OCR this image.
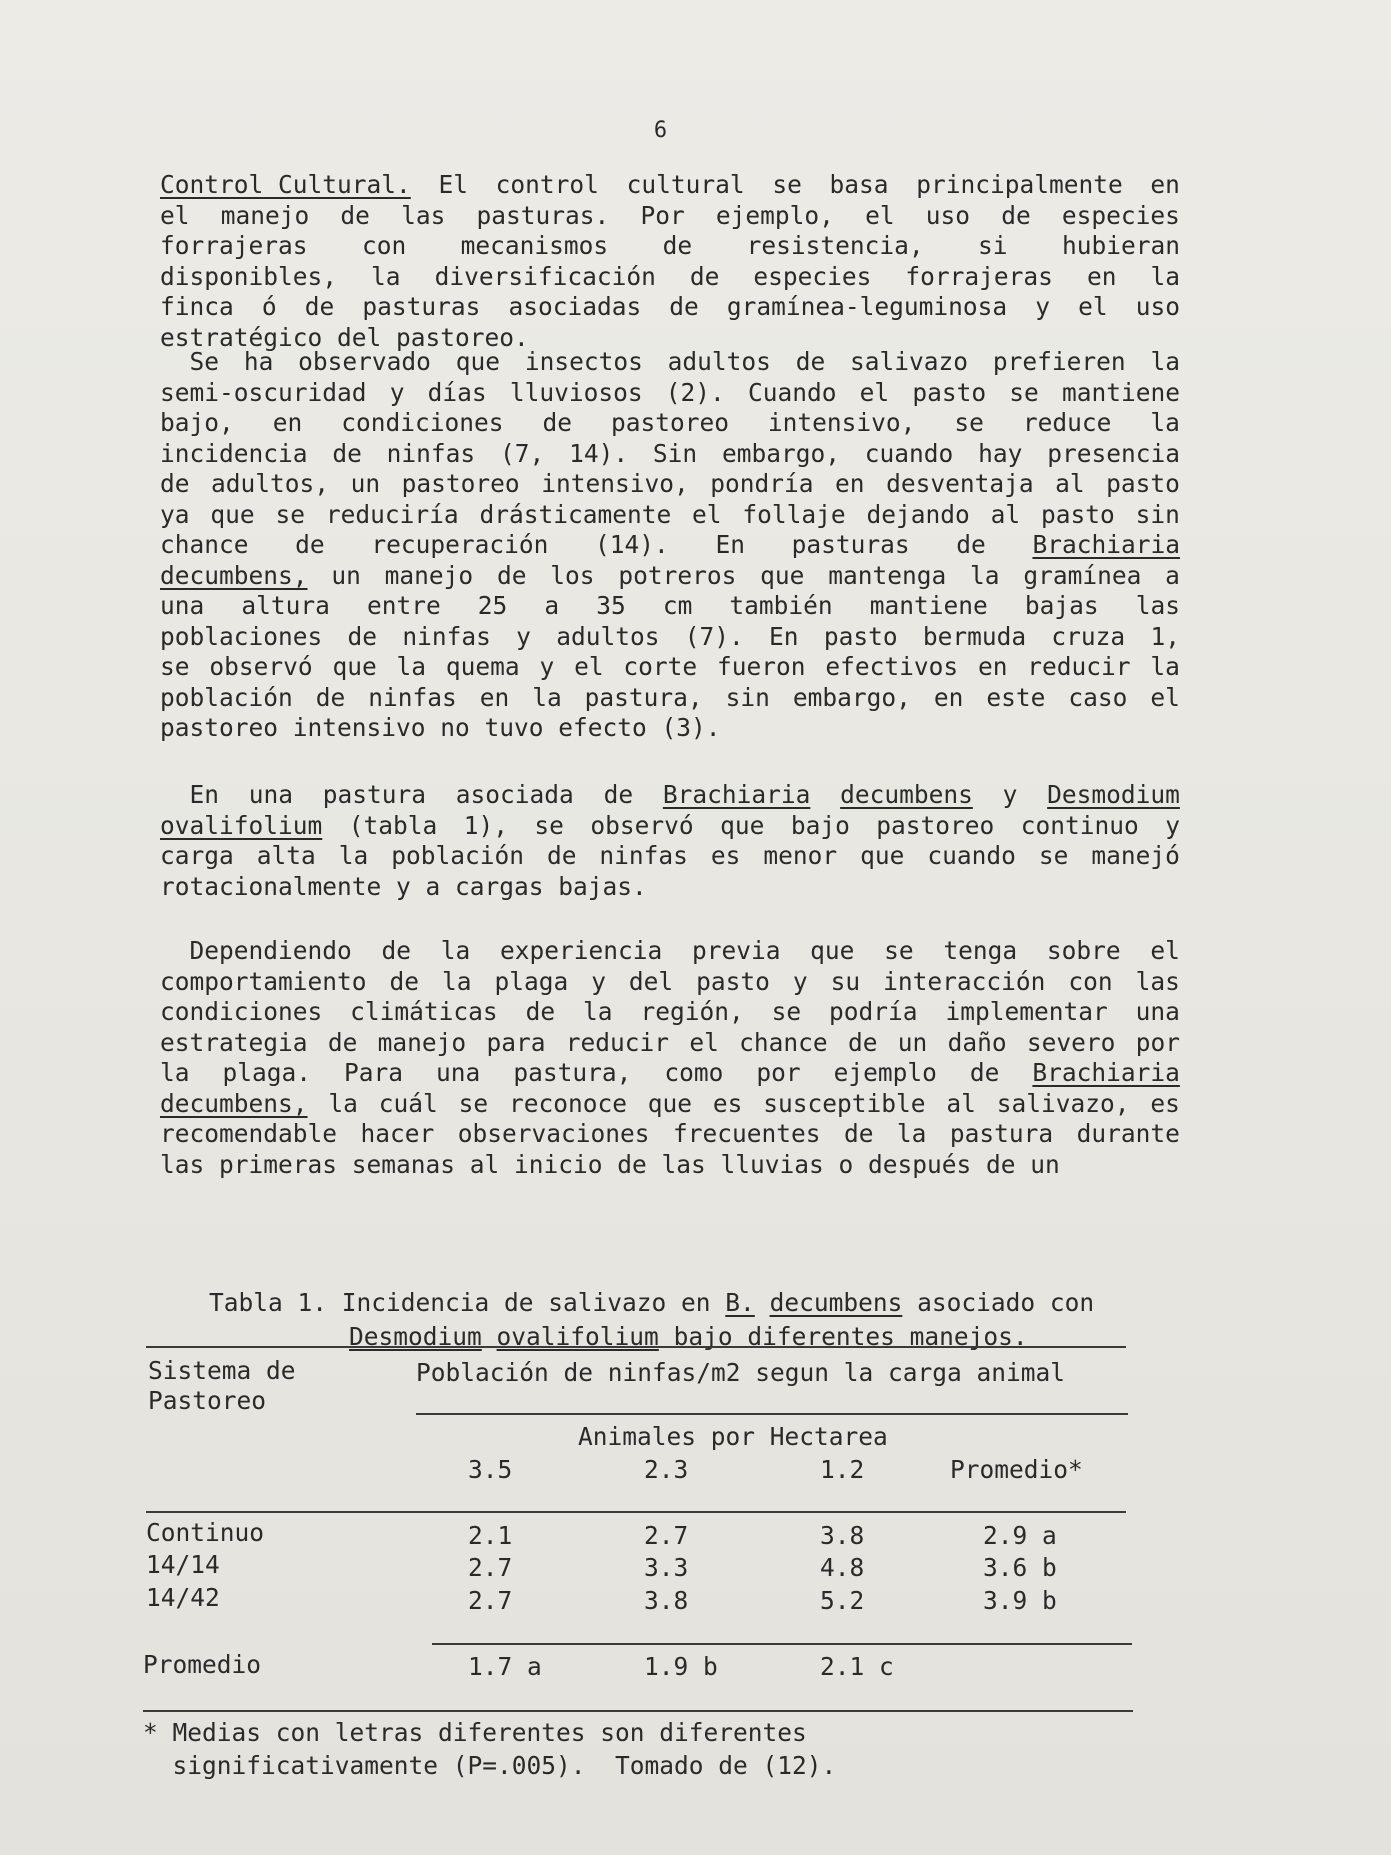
6
Control Cultural. El control cultural se basa principalmente en
el manejo de las pasturas. Por ejemplo, el uso de especies
forrajeras con mecanismos de resistencia, si hubieran
disponibles, la diversificación de especies forrajeras en la
finca ó de pasturas asociadas de gramínea-leguminosa y el uso
estratégico del pastoreo.
Se ha observado que insectos adultos de salivazo prefieren la
semi-oscuridad y días lluviosos (2). Cuando el pasto se mantiene
bajo, en condiciones de pastoreo intensivo, se reduce la
incidencia de ninfas (7, 14). Sin embargo, cuando hay presencia
de adultos, un pastoreo intensivo, pondría en desventaja al pasto
ya que se reduciría drásticamente el follaje dejando al pasto sin
chance de recuperación (14). En pasturas de Brachiaria
decumbens, un manejo de los potreros que mantenga la gramínea a
una altura entre 25 a 35 cm también mantiene bajas las
poblaciones de ninfas y adultos (7). En pasto bermuda cruza 1,
se observó que la quema y el corte fueron efectivos en reducir la
población de ninfas en la pastura, sin embargo, en este caso el
pastoreo intensivo no tuvo efecto (3).
En una pastura asociada de Brachiaria decumbens y Desmodium
ovalifolium (tabla 1), se observó que bajo pastoreo continuo y
carga alta la población de ninfas es menor que cuando se manejó
rotacionalmente y a cargas bajas.
Dependiendo de la experiencia previa que se tenga sobre el
comportamiento de la plaga y del pasto y su interacción con las
condiciones climáticas de la región, se podría implementar una
estrategia de manejo para reducir el chance de un daño severo por
la plaga. Para una pastura, como por ejemplo de Brachiaria
decumbens, la cuál se reconoce que es susceptible al salivazo, es
recomendable hacer observaciones frecuentes de la pastura durante
las primeras semanas al inicio de las lluvias o después de un

Tabla 1. Incidencia de salivazo en B. decumbens asociado con

Desmodium ovalifolium bajo diferentes manejos.

Sistema de
Pastoreo
Población de ninfas/m2 segun la carga animal
Animales por Hectarea
3.5	2.3	1.2	Promedio*
Continuo	2.1	2.7	3.8	2.9 a
14/14	2.7	3.3	4.8	3.6 b
14/42	2.7	3.8	5.2	3.9 b
Promedio	1.7 a	1.9 b	2.1 c
* Medias con letras diferentes son diferentes
significativamente (P=.005).  Tomado de (12).
